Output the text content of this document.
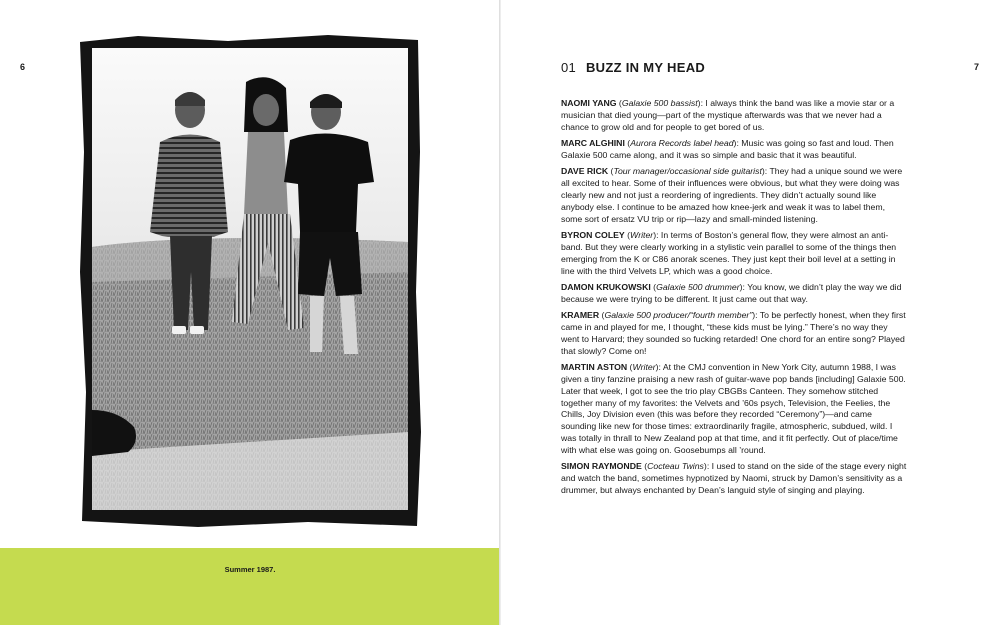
6
Summer 1987.
01 BUZZ IN MY HEAD	7

NAOMI YANG (Galaxie 500 bassist): I always think the band was like a movie star or a musician that died young—part of the mystique afterwards was that we never had a chance to grow old and for people to get bored of us.

MARC ALGHINI (Aurora Records label head): Music was going so fast and loud. Then Galaxie 500 came along, and it was so simple and basic that it was beautiful.

DAVE RICK (Tour manager/occasional side guitarist): They had a unique sound we were all excited to hear. Some of their influences were obvious, but what they were doing was clearly new and not just a reordering of ingredients. They didn’t actually sound like anybody else. I continue to be amazed how knee-jerk and weak it was to label them, some sort of ersatz VU trip or rip—lazy and small-minded listening.

BYRON COLEY (Writer): In terms of Boston’s general flow, they were almost an anti-band. But they were clearly working in a stylistic vein parallel to some of the things then emerging from the K or C86 anorak scenes. They just kept their boil level at a setting in line with the third Velvets LP, which was a good choice.

DAMON KRUKOWSKI (Galaxie 500 drummer): You know, we didn’t play the way we did because we were trying to be different. It just came out that way.

KRAMER (Galaxie 500 producer/“fourth member”): To be perfectly honest, when they first came in and played for me, I thought, “these kids must be lying.” There’s no way they went to Harvard; they sounded so fucking retarded! One chord for an entire song? Played that slowly? Come on!

MARTIN ASTON (Writer): At the CMJ convention in New York City, autumn 1988, I was given a tiny fanzine praising a new rash of guitar-wave pop bands [including] Galaxie 500. Later that week, I got to see the trio play CBGBs Canteen. They somehow stitched together many of my favorites: the Velvets and ’60s psych, Television, the Feelies, the Chills, Joy Division even (this was before they recorded “Ceremony”)—and came sounding like new for those times: extraordinarily fragile, atmospheric, subdued, wild. I was totally in thrall to New Zealand pop at that time, and it fit perfectly. Out of place/time with what else was going on. Goosebumps all ’round.

SIMON RAYMONDE (Cocteau Twins): I used to stand on the side of the stage every night and watch the band, sometimes hypnotized by Naomi, struck by Damon’s sensitivity as a drummer, but always enchanted by Dean’s languid style of singing and playing.
